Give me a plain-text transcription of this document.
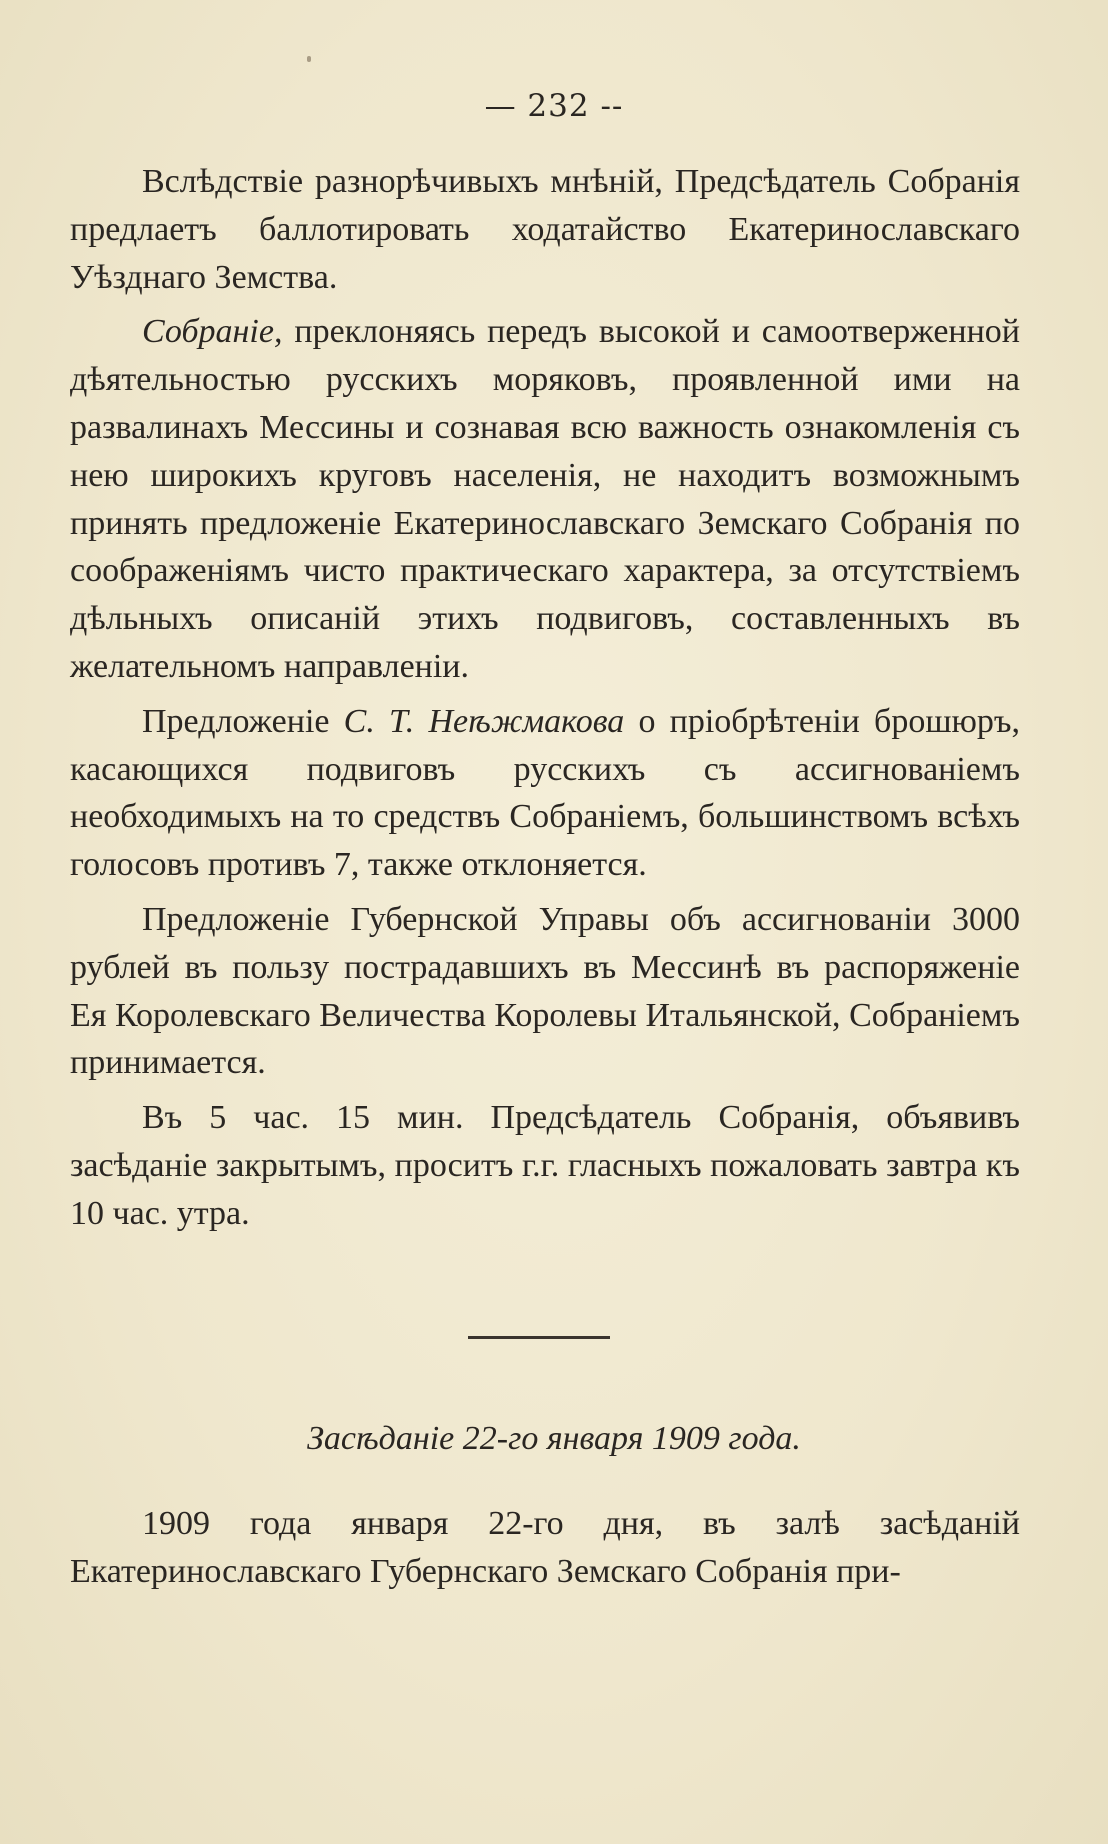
— 232 --

Вслѣдствіе разнорѣчивыхъ мнѣній, Предсѣдатель Собранія предлаетъ баллотировать ходатайство Екатеринославскаго Уѣзднаго Земства.

Собраніе, преклоняясь передъ высокой и самоотверженной дѣятельностью русскихъ моряковъ, проявленной ими на развалинахъ Мессины и сознавая всю важность ознакомленія съ нею широкихъ круговъ населенія, не находитъ возможнымъ принять предложеніе Екатеринославскаго Земскаго Собранія по соображеніямъ чисто практическаго характера, за отсутствіемъ дѣльныхъ описаній этихъ подвиговъ, составленныхъ въ желательномъ направленіи.

Предложеніе С. Т. Неѣжмакова о пріобрѣтеніи брошюръ, касающихся подвиговъ русскихъ съ ассигнованіемъ необходимыхъ на то средствъ Собраніемъ, большинствомъ всѣхъ голосовъ противъ 7, также отклоняется.

Предложеніе Губернской Управы объ ассигнованіи 3000 рублей въ пользу пострадавшихъ въ Мессинѣ въ распоряженіе Ея Королевскаго Величества Королевы Итальянской, Собраніемъ принимается.

Въ 5 час. 15 мин. Предсѣдатель Собранія, объявивъ засѣданіе закрытымъ, проситъ г.г. гласныхъ пожаловать завтра къ 10 час. утра.

Засѣданіе 22-го января 1909 года.

1909 года января 22-го дня, въ залѣ засѣданій Екатеринославскаго Губернскаго Земскаго Собранія при-
